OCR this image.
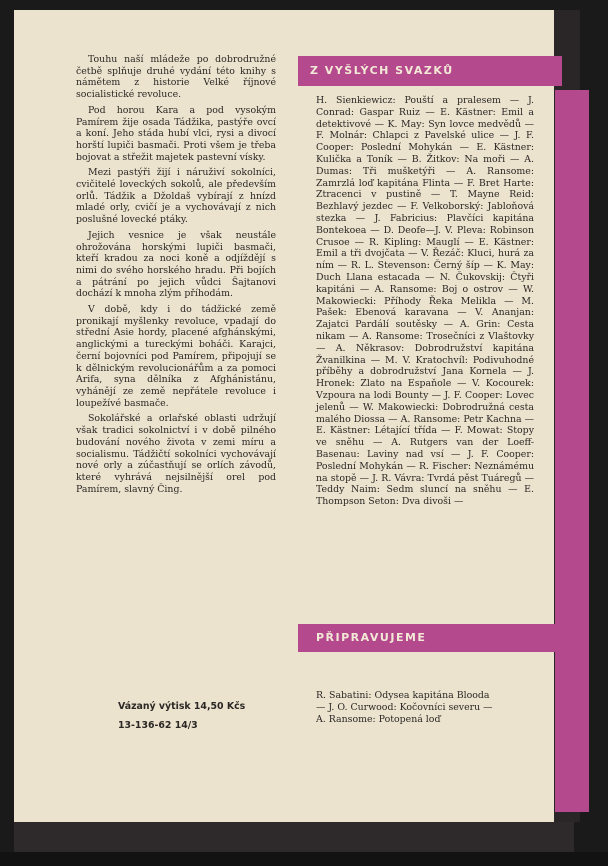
Touhu naší mládeže po dobrodružné četbě splňuje druhé vydání této knihy s námětem z historie Velké říjnové socialistické revoluce.

Pod horou Kara a pod vysokým Pamírem žije osada Tádžika, pastýře ovcí a koní. Jeho stáda hubí vlci, rysi a divocí horští lupiči basmači. Proti všem je třeba bojovat a střežit majetek pastevní vísky.

Mezi pastýři žijí i náruživí sokolníci, cvičitelé loveckých sokolů, ale především orlů. Tádžik a Džoldaš vybírají z hnízd mladé orly, cvičí je a vychovávají z nich poslušné lovecké ptáky.

Jejich vesnice je však neustále ohrožována horskými lupiči basmači, kteří kradou za noci koně a odjíždějí s nimi do svého horského hradu. Při bojích a pátrání po jejich vůdci Šajtanovi dochází k mnoha zlým příhodám.

V době, kdy i do tádžické země pronikají myšlenky revoluce, vpadají do střední Asie hordy, placené afghánskými, anglickými a tureckými boháči. Karajci, černí bojovníci pod Pamírem, připojují se k dělnickým revolucionářům a za pomoci Arifa, syna dělníka z Afghánistánu, vyhánějí ze země nepřátele revoluce i loupežívé basmače.

Sokolářské a orlařské oblasti udržují však tradici sokolnictví i v době pilného budování nového života v zemi míru a socialismu. Tádžičtí sokolníci vychovávají nové orly a zúčastňují se orlích závodů, které vyhrává nejsilnější orel pod Pamírem, slavný Čing.

Vázaný výtisk 14,50 Kčs
13-136-62 14/3
Z VYŠLÝCH SVAZKŮ

H. Sienkiewicz: Pouští a pralesem — J. Conrad: Gaspar Ruiz — E. Kästner: Emil a detektivové — K. May: Syn lovce medvědů — F. Molnár: Chlapci z Pavelské ulice — J. F. Cooper: Poslední Mohykán — E. Kästner: Kulička a Toník — B. Žitkov: Na moři — A. Dumas: Tři mušketýři — A. Ransome: Zamrzlá loď kapitána Flinta — F. Bret Harte: Ztracenci v pustině — T. Mayne Reid: Bezhlavý jezdec — F. Velkoborský: Jabloňová stezka — J. Fabricius: Plavčíci kapitána Bontekoea — D. Deofe—J. V. Pleva: Robinson Crusoe — R. Kipling: Mauglí — E. Kästner: Emil a tři dvojčata — V. Řezáč: Kluci, hurá za ním — R. L. Stevenson: Černý šíp — K. May: Duch Llana estacada — N. Čukovskij: Čtyři kapitáni — A. Ransome: Boj o ostrov — W. Makowiecki: Příhody Řeka Melikla — M. Pašek: Ebenová karavana — V. Ananjan: Zajatci Pardálí soutěsky — A. Grin: Cesta nikam — A. Ransome: Trosečníci z Vlaštovky — A. Někrasov: Dobrodružství kapitána Žvanilkina — M. V. Kratochvíl: Podivuhodné příběhy a dobrodružství Jana Kornela — J. Hronek: Zlato na Espaňole — V. Kocourek: Vzpoura na lodi Bounty — J. F. Cooper: Lovec jelenů — W. Makowiecki: Dobrodružná cesta malého Diossa — A. Ransome: Petr Kachna — E. Kästner: Létající třída — F. Mowat: Stopy ve sněhu — A. Rutgers van der Loeff-Basenau: Laviny nad vsí — J. F. Cooper: Poslední Mohykán — R. Fischer: Neznámému na stopě — J. R. Vávra: Tvrdá pěst Tuáregů — Teddy Naim: Sedm sluncí na sněhu — E. Thompson Seton: Dva divoši —

PŘIPRAVUJEME

R. Sabatini: Odysea kapitána Blooda

— J. O. Curwood: Kočovníci severu —

A. Ransome: Potopená loď
